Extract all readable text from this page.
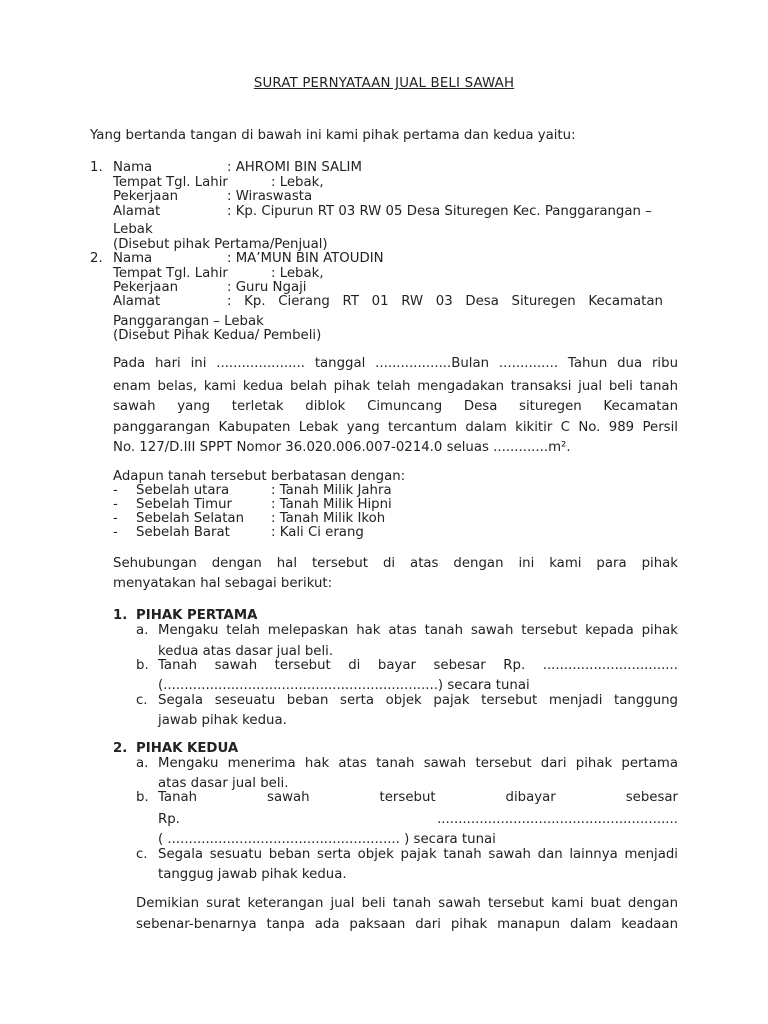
SURAT PERNYATAAN JUAL BELI SAWAH
Yang bertanda tangan di bawah ini kami pihak pertama dan kedua yaitu:
1. Nama	: AHROMI BIN SALIM
Tempat Tgl. Lahir	: Lebak,
Pekerjaan	: Wiraswasta
Alamat	: Kp. Cipurun RT 03 RW 05 Desa Situregen Kec. Panggarangan –
Lebak
(Disebut pihak Pertama/Penjual)
2. Nama	: MA’MUN BIN ATOUDIN
Tempat Tgl. Lahir	: Lebak,
Pekerjaan	: Guru Ngaji
Alamat	:   Kp.   Cierang   RT   01   RW   03   Desa   Situregen   Kecamatan
Panggarangan – Lebak
(Disebut Pihak Kedua/ Pembeli)
Pada hari ini ..................... tanggal ..................Bulan .............. Tahun dua ribu
enam belas, kami kedua belah pihak telah mengadakan transaksi jual beli tanah
sawah yang terletak diblok Cimuncang Desa situregen Kecamatan
panggarangan Kabupaten Lebak yang tercantum dalam kikitir C No. 989 Persil
No. 127/D.III SPPT Nomor 36.020.006.007-0214.0 seluas .............m².
Adapun tanah tersebut berbatasan dengan:
- Sebelah utara	: Tanah Milik Jahra
- Sebelah Timur	: Tanah Milik Hipni
- Sebelah Selatan : Tanah Milik Ikoh
- Sebelah Barat	: Kali Ci erang
Sehubungan dengan hal tersebut di atas dengan ini kami para pihak
menyatakan hal sebagai berikut:
1. PIHAK PERTAMA
a. Mengaku telah melepaskan hak atas tanah sawah tersebut kepada pihak
kedua atas dasar jual beli.
b. Tanah sawah tersebut di bayar sebesar Rp. ................................
(.................................................................) secara tunai
c. Segala seseuatu beban serta objek pajak tersebut menjadi tanggung
jawab pihak kedua.
2. PIHAK KEDUA
a. Mengaku menerima hak atas tanah sawah tersebut dari pihak pertama
atas dasar jual beli.
b. Tanah sawah tersebut dibayar sebesar
Rp. .........................................................
( ....................................................... ) secara tunai
c. Segala sesuatu beban serta objek pajak tanah sawah dan lainnya menjadi
tanggug jawab pihak kedua.
Demikian surat keterangan jual beli tanah sawah tersebut kami buat dengan
sebenar-benarnya tanpa ada paksaan dari pihak manapun dalam keadaan
